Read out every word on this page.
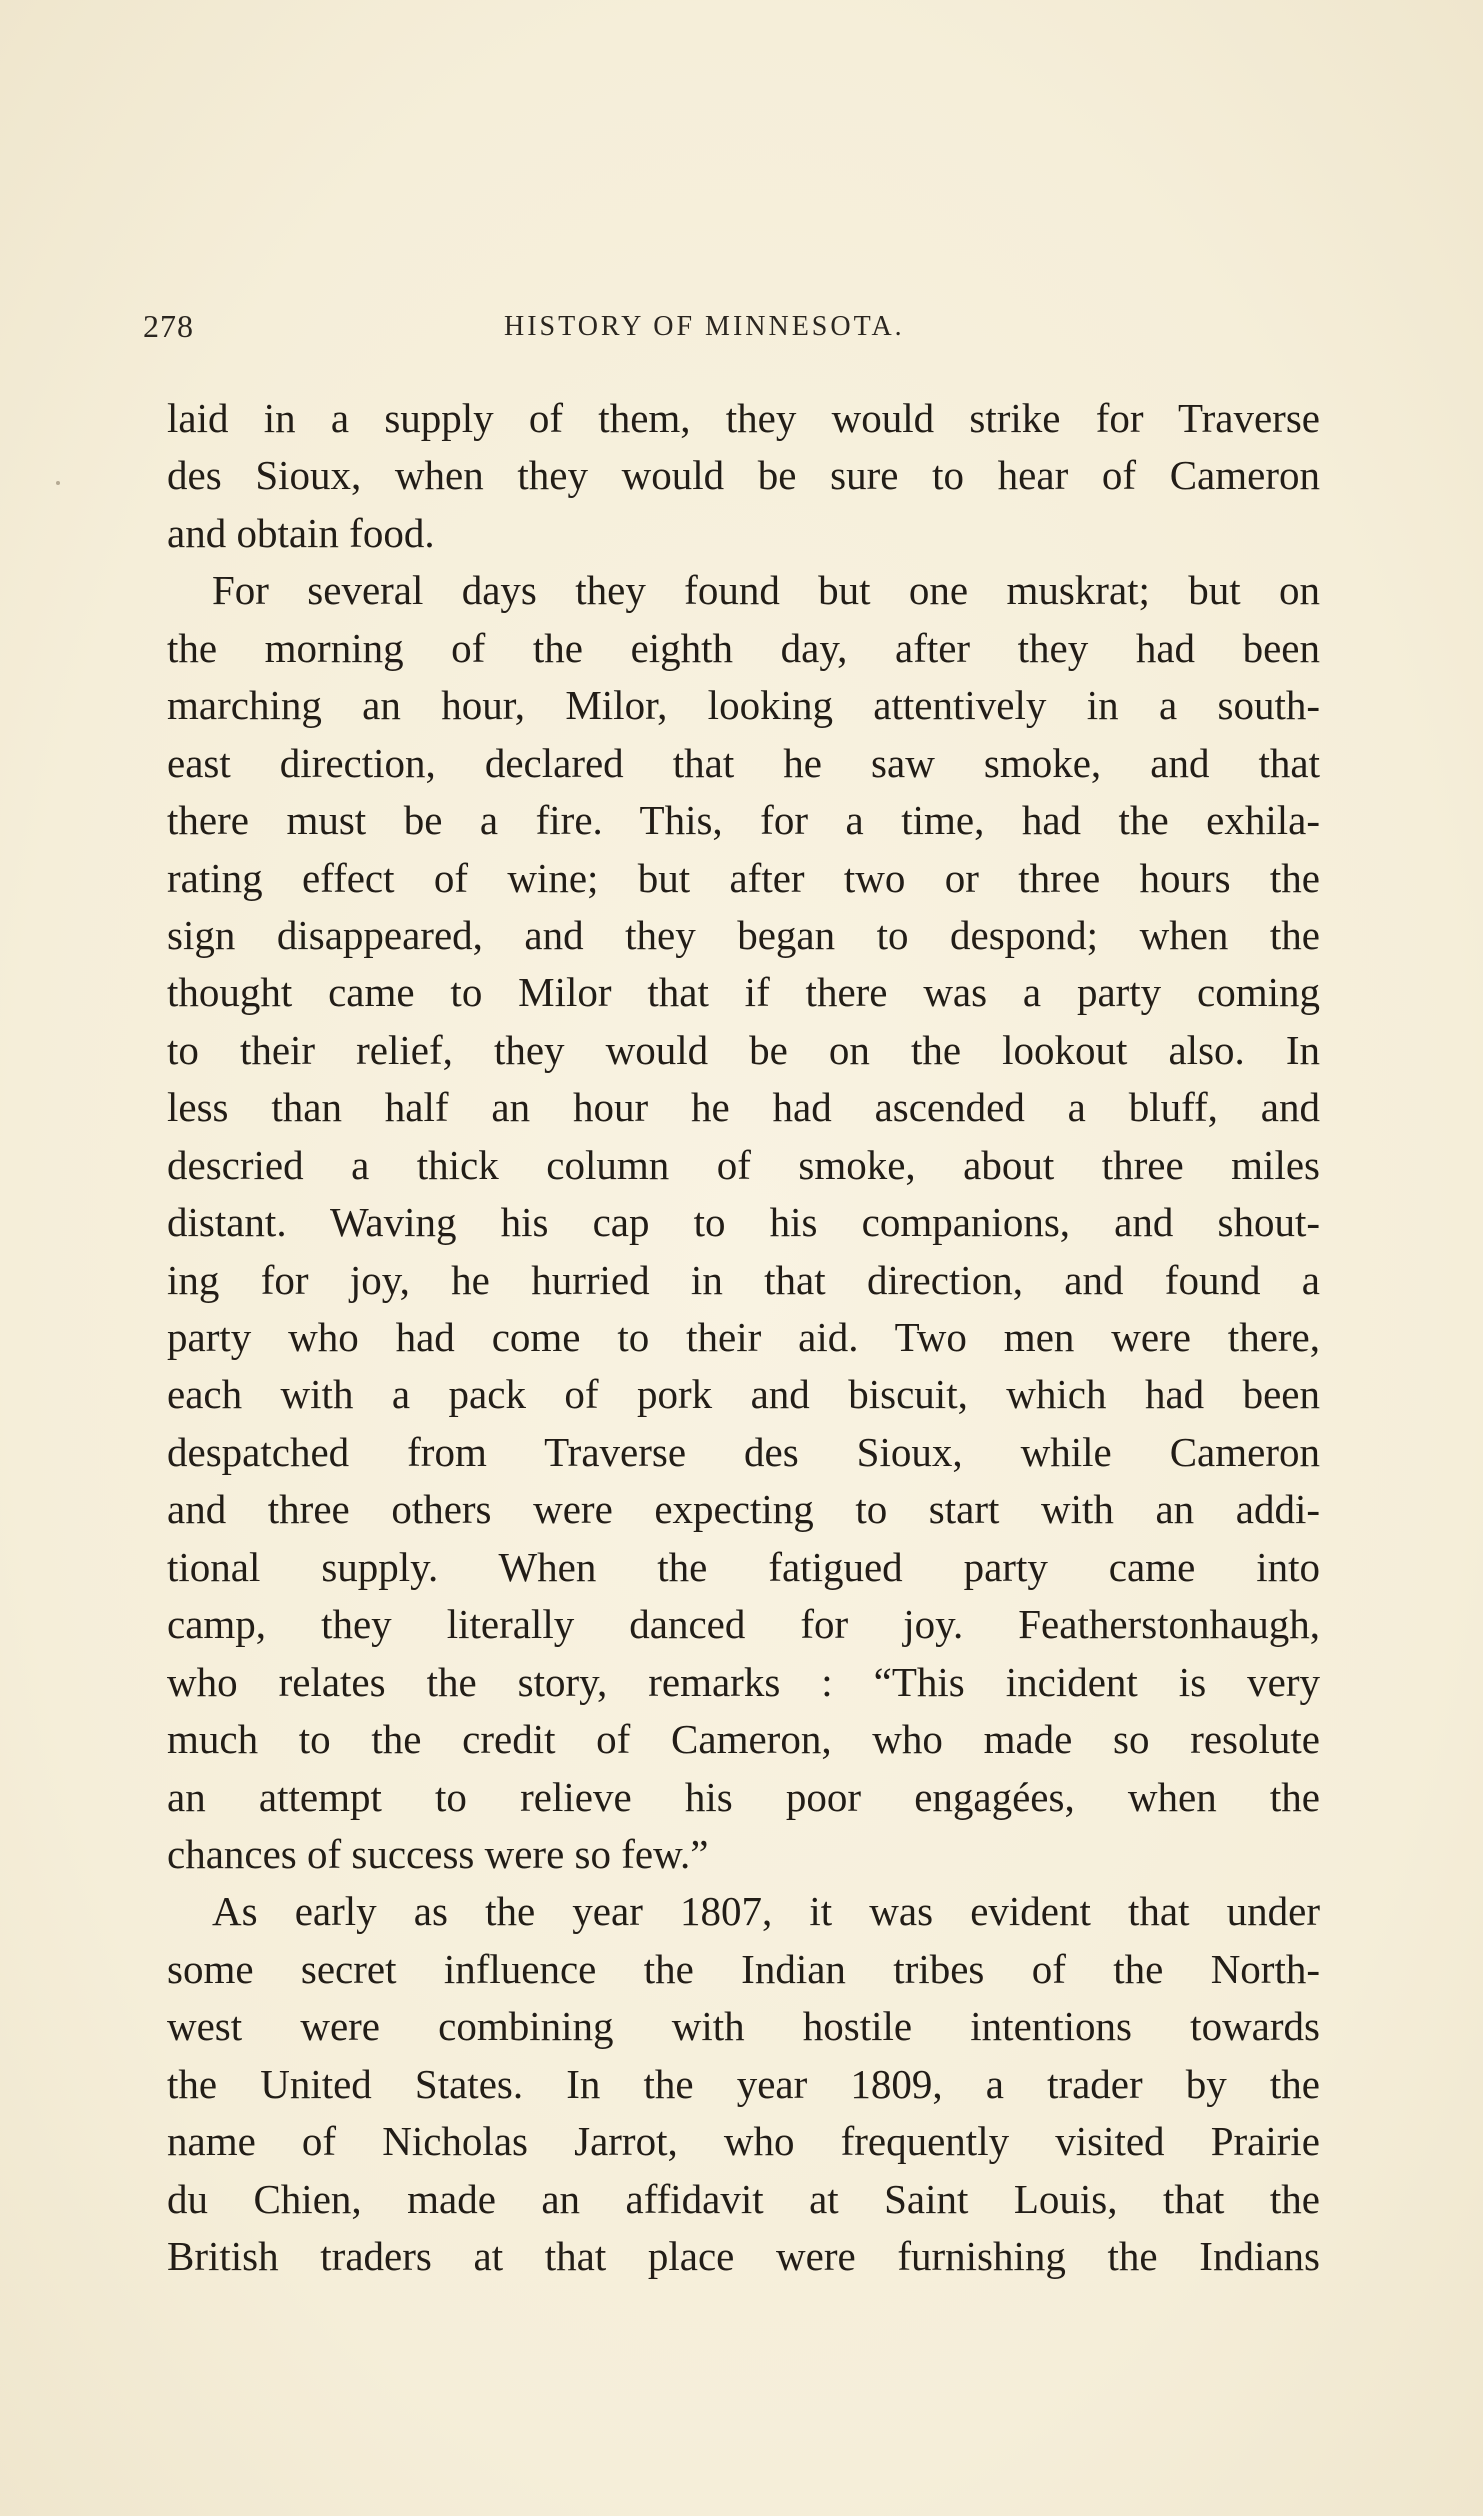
278	HISTORY OF MINNESOTA.
laid in a supply of them, they would strike for Traverse
des Sioux, when they would be sure to hear of Cameron
and obtain food.
For several days they found but one muskrat; but on
the morning of the eighth day, after they had been
marching an hour, Milor, looking attentively in a south-
east direction, declared that he saw smoke, and that
there must be a fire. This, for a time, had the exhila-
rating effect of wine; but after two or three hours the
sign disappeared, and they began to despond; when the
thought came to Milor that if there was a party coming
to their relief, they would be on the lookout also. In
less than half an hour he had ascended a bluff, and
descried a thick column of smoke, about three miles
distant. Waving his cap to his companions, and shout-
ing for joy, he hurried in that direction, and found a
party who had come to their aid. Two men were there,
each with a pack of pork and biscuit, which had been
despatched from Traverse des Sioux, while Cameron
and three others were expecting to start with an addi-
tional supply. When the fatigued party came into
camp, they literally danced for joy. Featherstonhaugh,
who relates the story, remarks : “This incident is very
much to the credit of Cameron, who made so resolute
an attempt to relieve his poor engagées, when the
chances of success were so few.”
As early as the year 1807, it was evident that under
some secret influence the Indian tribes of the North-
west were combining with hostile intentions towards
the United States. In the year 1809, a trader by the
name of Nicholas Jarrot, who frequently visited Prairie
du Chien, made an affidavit at Saint Louis, that the
British traders at that place were furnishing the Indians
